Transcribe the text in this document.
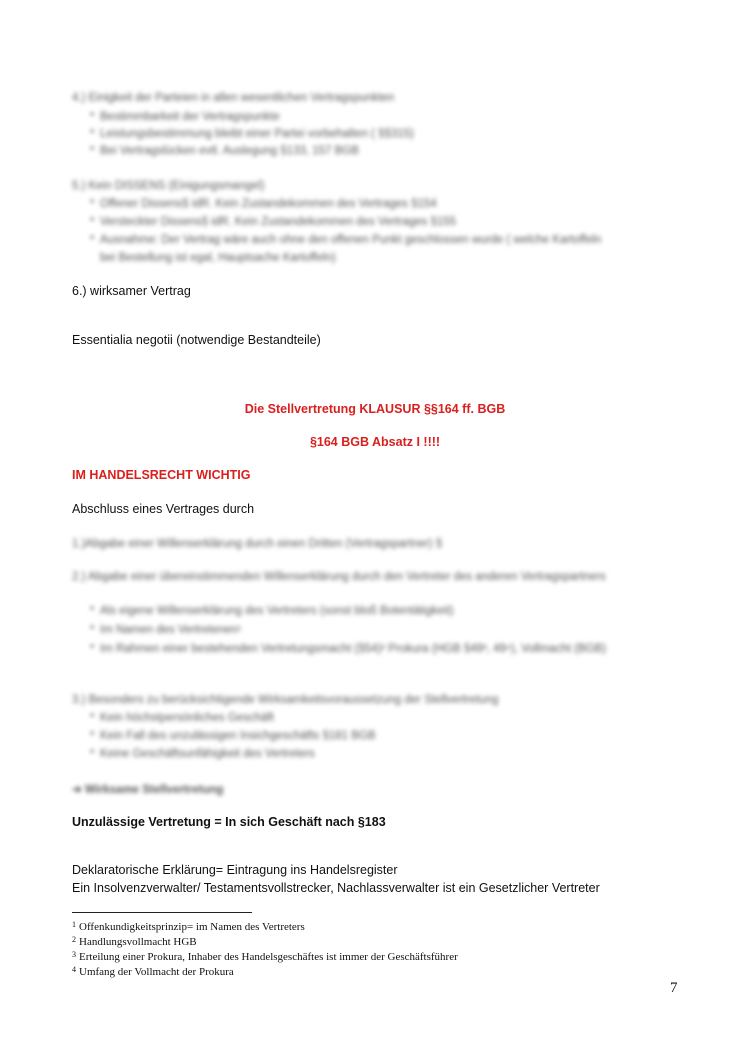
4.) Einigkeit der Parteien in allen wesentlichen Vertragspunkten
● Bestimmbarkeit der Vertragspunkte
● Leistungsbestimmung bleibt einer Partei vorbehalten ( §§315)
● Bei Vertragslücken evtl. Auslegung §133, 157 BGB
5.) Kein DISSENS (Einigungsmangel)
● Offener Dissens§ idR. Kein Zustandekommen des Vertrages §154
● Versteckter Dissens§ idR. Kein Zustandekommen des Vertrages §155
● Ausnahme: Der Vertrag wäre auch ohne den offenen Punkt geschlossen wurde ( welche Kartoffeln
bei Bestellung ist egal, Hauptsache Kartoffeln)
6.) wirksamer Vertrag
Essentialia negotii (notwendige Bestandteile)
Die Stellvertretung KLAUSUR §§164 ff. BGB
§164 BGB Absatz I !!!!
IM HANDELSRECHT WICHTIG
Abschluss eines Vertrages durch
1.)Abgabe einer Willenserklärung durch einen Dritten (Vertragspartner) §
2.) Abgabe einer übereinstimmenden Willenserklärung durch den Vertreter des anderen Vertragspartners
● Als eigene Willenserklärung des Vertreters (sonst bloß Botentätigkeit)
● Im Namen des Vertretenen¹
● Im Rahmen einer bestehenden Vertretungsmacht (§54)² Prokura (HGB §49³, 49⁴), Vollmacht (BGB)
3.) Besonders zu berücksichtigende Wirksamkeitsvoraussetzung der Stellvertretung
● Kein höchstpersönliches Geschäft
● Kein Fall des unzulässigen Insichgeschäfts §181 BGB
● Keine Geschäftsunfähigkeit des Vertreters
➔ Wirksame Stellvertretung
Unzulässige Vertretung = In sich Geschäft nach §183
Deklaratorische Erklärung= Eintragung ins Handelsregister
Ein Insolvenzverwalter/ Testamentsvollstrecker, Nachlassverwalter ist ein Gesetzlicher Vertreter
$^1$ Offenkundigkeitsprinzip= im Namen des Vertreters
$^2$ Handlungsvollmacht HGB
$^3$ Erteilung einer Prokura, Inhaber des Handelsgeschäftes ist immer der Geschäftsführer
$^4$ Umfang der Vollmacht der Prokura
7
